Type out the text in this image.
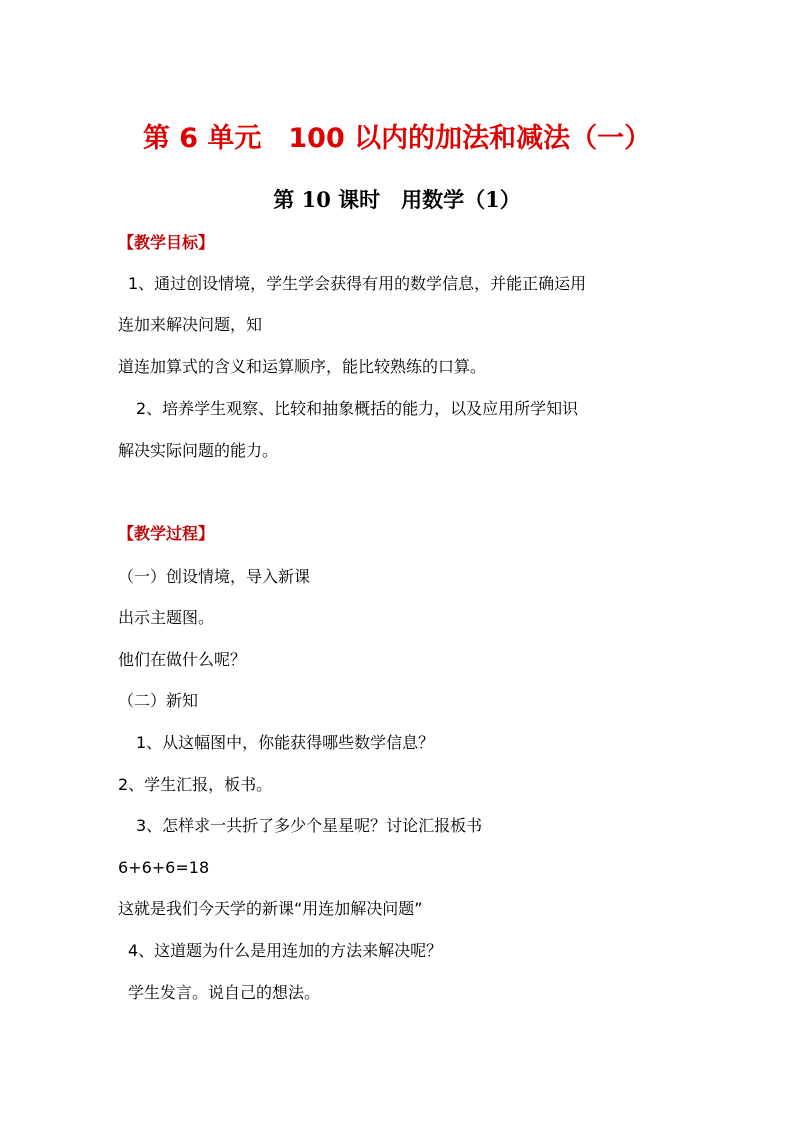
第 6 单元　100 以内的加法和减法（一）
第 10 课时　用数学（1）
【教学目标】
1、通过创设情境，学生学会获得有用的数学信息，并能正确运用
连加来解决问题，知
道连加算式的含义和运算顺序，能比较熟练的口算。
2、培养学生观察、比较和抽象概括的能力，以及应用所学知识
解决实际问题的能力。
【教学过程】
（一）创设情境，导入新课
出示主题图。
他们在做什么呢？
（二）新知
1、从这幅图中，你能获得哪些数学信息？
2、学生汇报，板书。
3、怎样求一共折了多少个星星呢？讨论汇报板书
6+6+6=18
这就是我们今天学的新课“用连加解决问题”
4、这道题为什么是用连加的方法来解决呢？
学生发言。说自己的想法。
